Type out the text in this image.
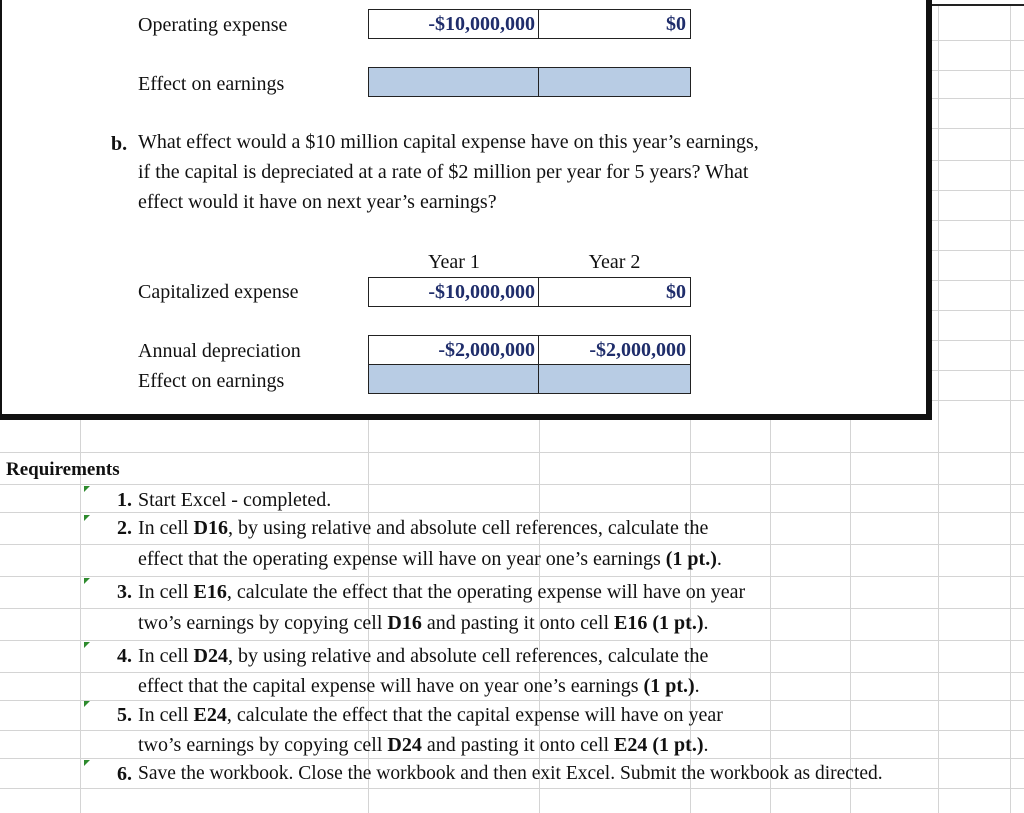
Operating expense	-$10,000,000	$0
Effect on earnings
b. What effect would a $10 million capital expense have on this year’s earnings,
if the capital is depreciated at a rate of $2 million per year for 5 years? What
effect would it have on next year’s earnings?
Year 1	Year 2
Capitalized expense	-$10,000,000	$0
Annual depreciation	-$2,000,000	-$2,000,000
Effect on earnings
Requirements
1. Start Excel - completed.
2. In cell D16, by using relative and absolute cell references, calculate the
effect that the operating expense will have on year one’s earnings (1 pt.).
3. In cell E16, calculate the effect that the operating expense will have on year
two’s earnings by copying cell D16 and pasting it onto cell E16 (1 pt.).
4. In cell D24, by using relative and absolute cell references, calculate the
effect that the capital expense will have on year one’s earnings (1 pt.).
5. In cell E24, calculate the effect that the capital expense will have on year
two’s earnings by copying cell D24 and pasting it onto cell E24 (1 pt.).
6. Save the workbook. Close the workbook and then exit Excel. Submit the workbook as directed.
